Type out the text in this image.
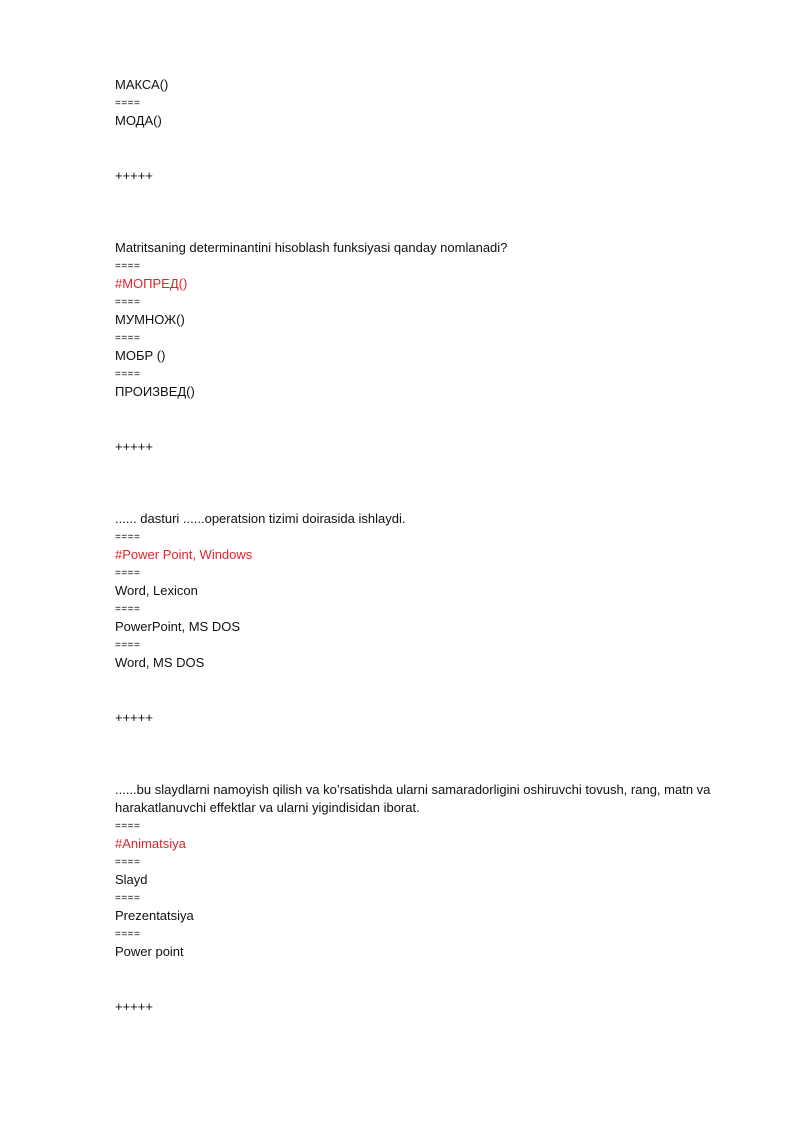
МАКСА()
====
МОДА()
+++++
Matritsaning determinantini hisoblash funksiyasi qanday nomlanadi?
====
#МОПРЕД()
====
МУМНОЖ()
====
МОБР ()
====
ПРОИЗВЕД()
+++++
...... dasturi ......operatsion tizimi doirasida ishlaydi.
====
#Power Point, Windows
====
Word, Lexicon
====
PowerPoint, MS DOS
====
Word, MS DOS
+++++
......bu slaydlarni namoyish qilish va ko’rsatishda ularni samaradorligini oshiruvchi tovush, rang, matn va harakatlanuvchi effektlar va ularni yigindisidan iborat.
====
#Animatsiya
====
Slayd
====
Prezentatsiya
====
Power point
+++++
